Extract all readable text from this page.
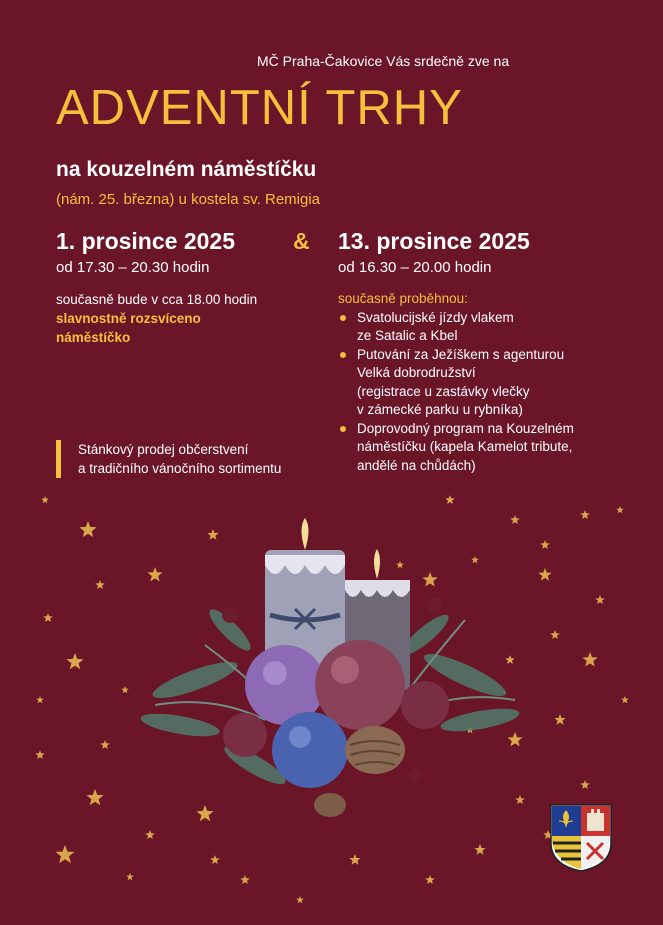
MČ Praha-Čakovice Vás srdečně zve na
ADVENTNÍ TRHY
na kouzelném náměstíčku
(nám. 25. března) u kostela sv. Remigia
1. prosince 2025	& 13. prosince 2025
od 17.30 – 20.30 hodin	od 16.30 – 20.00 hodin
současně bude v cca 18.00 hodin
slavnostně rozsvíceno
náměstíčko
současně proběhnou:
Svatolucijské jízdy vlakem
ze Satalic a Kbel
Putování za Ježíškem s agenturou
Velká dobrodružství
(registrace u zastávky vlečky
v zámecké parku u rybníka)
Doprovodný program na Kouzelném
náměstíčku (kapela Kamelot tribute,
andělé na chůdách)
Stánkový prodej občerstvení
a tradičního vánočního sortimentu
